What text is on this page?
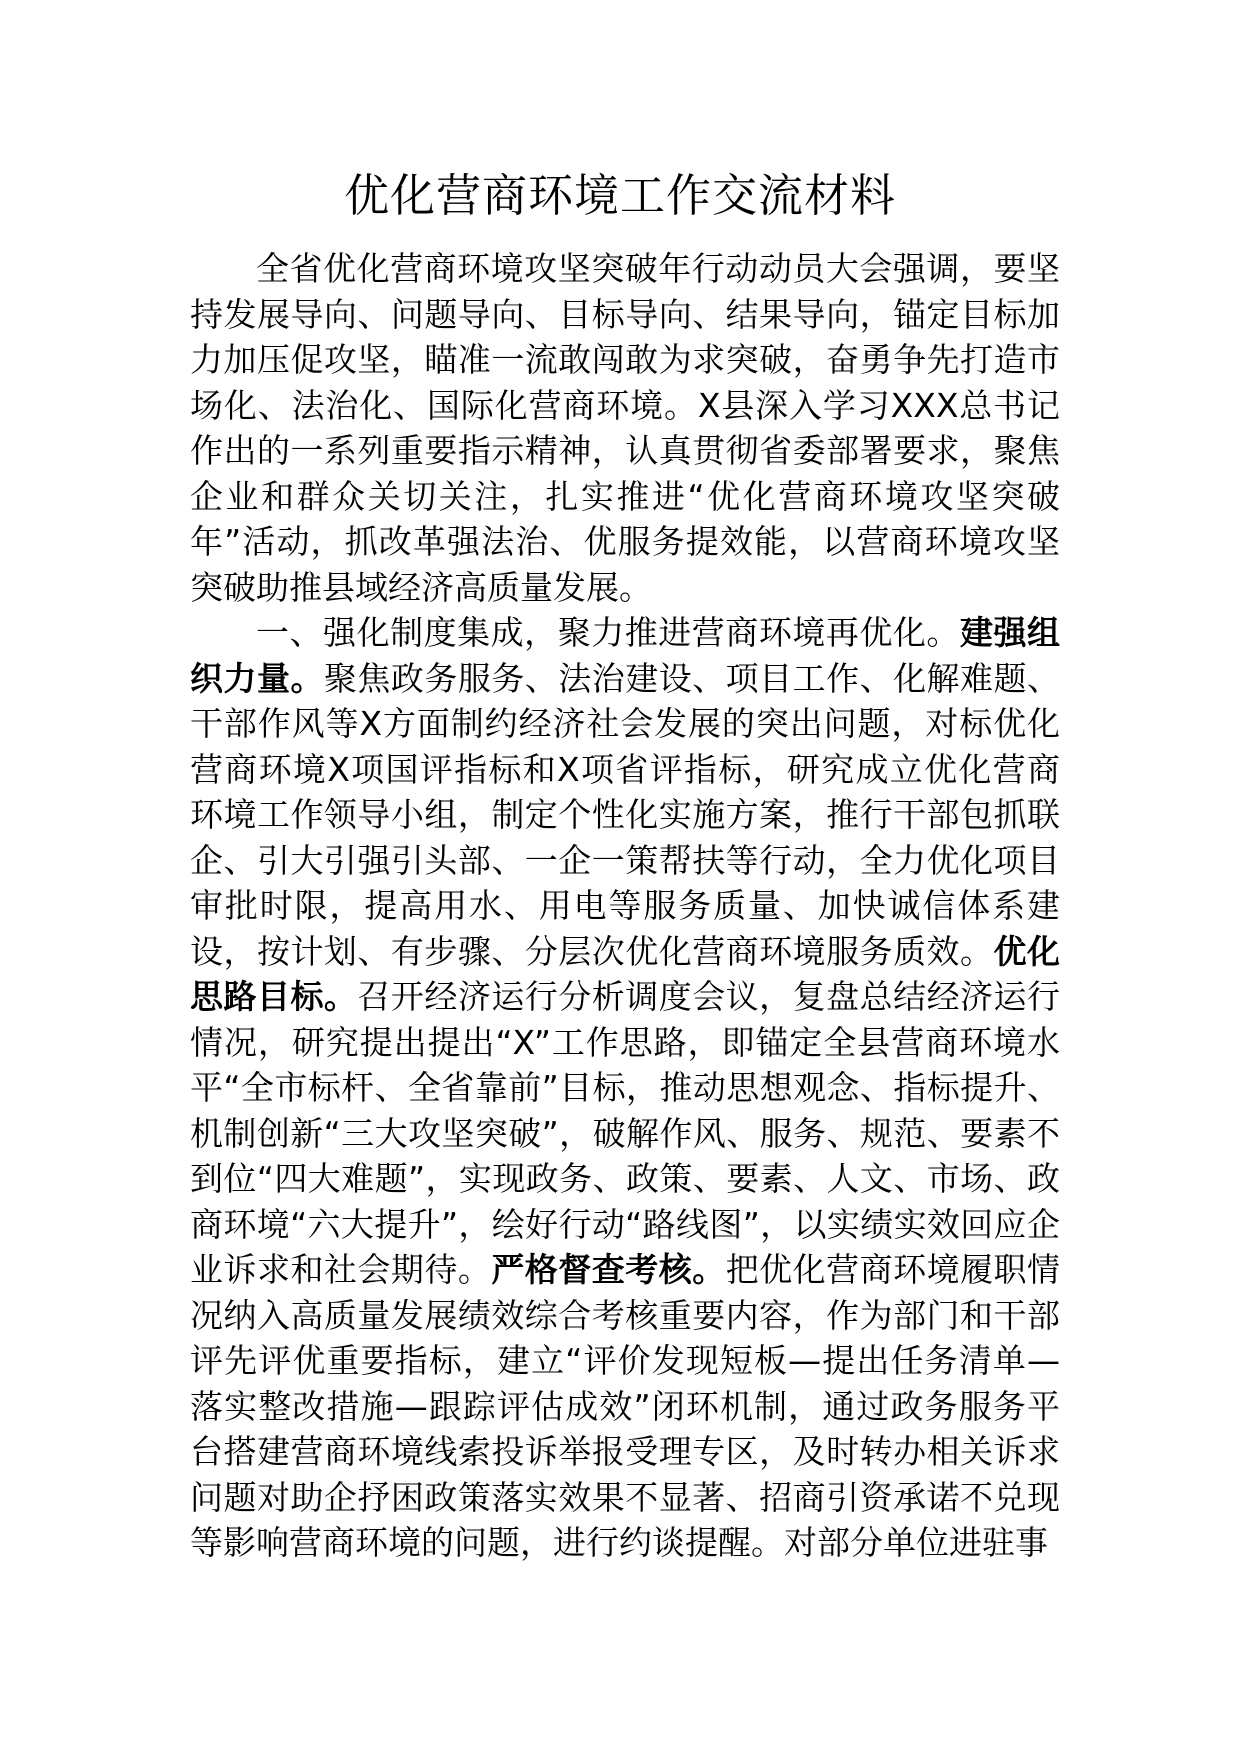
优化营商环境工作交流材料

全省优化营商环境攻坚突破年行动动员大会强调，要坚持发展导向、问题导向、目标导向、结果导向，锚定目标加力加压促攻坚，瞄准一流敢闯敢为求突破，奋勇争先打造市场化、法治化、国际化营商环境。X县深入学习XXX总书记作出的一系列重要指示精神，认真贯彻省委部署要求，聚焦企业和群众关切关注，扎实推进“优化营商环境攻坚突破年”活动，抓改革强法治、优服务提效能，以营商环境攻坚突破助推县域经济高质量发展。

一、强化制度集成，聚力推进营商环境再优化。建强组织力量。聚焦政务服务、法治建设、项目工作、化解难题、干部作风等X方面制约经济社会发展的突出问题，对标优化营商环境X项国评指标和X项省评指标，研究成立优化营商环境工作领导小组，制定个性化实施方案，推行干部包抓联企、引大引强引头部、一企一策帮扶等行动，全力优化项目审批时限，提高用水、用电等服务质量、加快诚信体系建设，按计划、有步骤、分层次优化营商环境服务质效。优化思路目标。召开经济运行分析调度会议，复盘总结经济运行情况，研究提出提出“X”工作思路，即锚定全县营商环境水平“全市标杆、全省靠前”目标，推动思想观念、指标提升、机制创新“三大攻坚突破”，破解作风、服务、规范、要素不到位“四大难题”，实现政务、政策、要素、人文、市场、政商环境“六大提升”，绘好行动“路线图”，以实绩实效回应企业诉求和社会期待。严格督查考核。把优化营商环境履职情况纳入高质量发展绩效综合考核重要内容，作为部门和干部评先评优重要指标，建立“评价发现短板—提出任务清单—落实整改措施—跟踪评估成效”闭环机制，通过政务服务平台搭建营商环境线索投诉举报受理专区，及时转办相关诉求问题对助企抒困政策落实效果不显著、招商引资承诺不兑现等影响营商环境的问题，进行约谈提醒。对部分单位进驻事
